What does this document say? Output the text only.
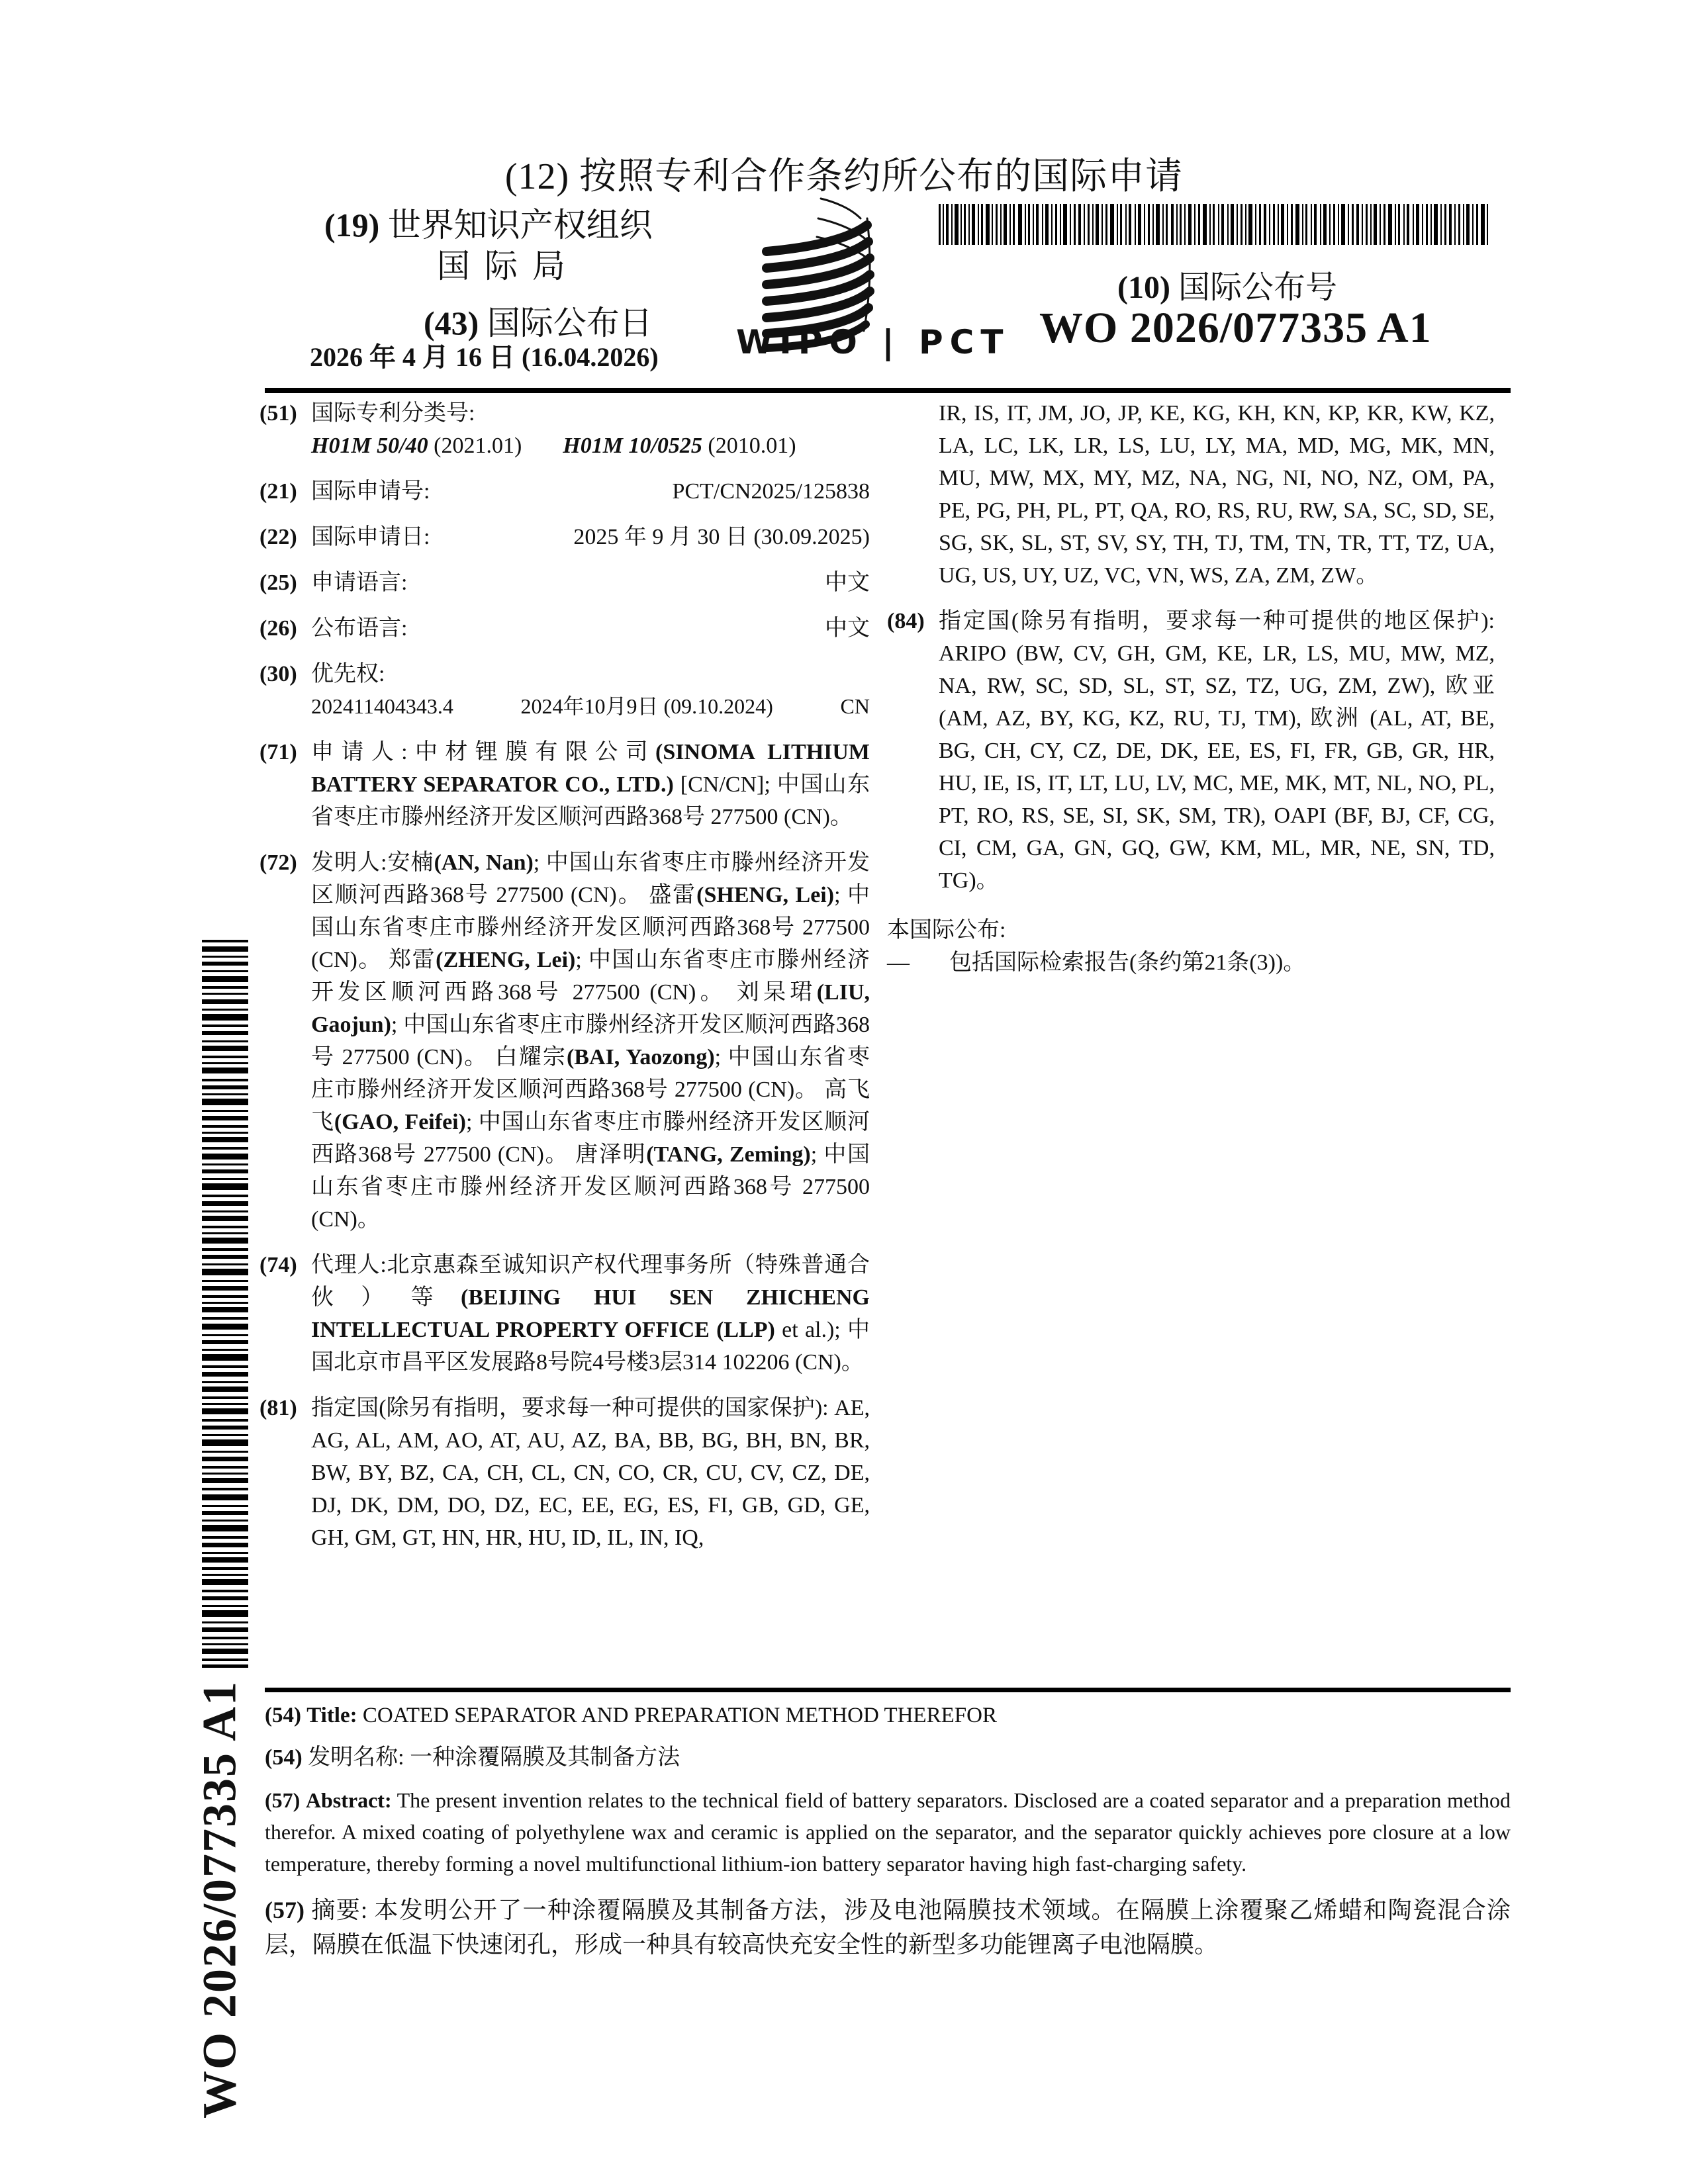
(12) 按照专利合作条约所公布的国际申请
(19) 世界知识产权组织
国际局
(43) 国际公布日
2026 年 4 月 16 日 (16.04.2026) WIPO | PCT
(10) 国际公布号
WO 2026/077335 A1
(51) 国际专利分类号:
H01M 50/40 (2021.01) H01M 10/0525 (2010.01)
(21) 国际申请号:	PCT/CN2025/125838
(22) 国际申请日:	2025 年 9 月 30 日 (30.09.2025)
(25) 申请语言:	中文
(26) 公布语言:	中文
(30) 优先权:
202411404343.4	2024年10月9日 (09.10.2024)	CN
(71) 申请人:中材锂膜有限公司(SINOMA LITHIUM BATTERY SEPARATOR CO., LTD.) [CN/CN]; 中国山东省枣庄市滕州经济开发区顺河西路368号 277500 (CN)。
(72) 发明人:安楠(AN, Nan); 中国山东省枣庄市滕州经济开发区顺河西路368号 277500 (CN)。 盛雷(SHENG, Lei); 中国山东省枣庄市滕州经济开发区顺河西路368号 277500 (CN)。 郑雷(ZHENG, Lei); 中国山东省枣庄市滕州经济开发区顺河西路368号 277500 (CN)。 刘杲珺(LIU, Gaojun); 中国山东省枣庄市滕州经济开发区顺河西路368号 277500 (CN)。 白耀宗(BAI, Yaozong); 中国山东省枣庄市滕州经济开发区顺河西路368号 277500 (CN)。 高飞飞(GAO, Feifei); 中国山东省枣庄市滕州经济开发区顺河西路368号 277500 (CN)。 唐泽明(TANG, Zeming); 中国山东省枣庄市滕州经济开发区顺河西路368号 277500 (CN)。
(74) 代理人:北京惠森至诚知识产权代理事务所（特殊普通合伙）等(BEIJING HUI SEN ZHICHENG INTELLECTUAL PROPERTY OFFICE (LLP) et al.); 中国北京市昌平区发展路8号院4号楼3层314 102206 (CN)。
(81) 指定国(除另有指明，要求每一种可提供的国家保护): AE, AG, AL, AM, AO, AT, AU, AZ, BA, BB, BG, BH, BN, BR, BW, BY, BZ, CA, CH, CL, CN, CO, CR, CU, CV, CZ, DE, DJ, DK, DM, DO, DZ, EC, EE, EG, ES, FI, GB, GD, GE, GH, GM, GT, HN, HR, HU, ID, IL, IN, IQ,
IR, IS, IT, JM, JO, JP, KE, KG, KH, KN, KP, KR, KW, KZ, LA, LC, LK, LR, LS, LU, LY, MA, MD, MG, MK, MN, MU, MW, MX, MY, MZ, NA, NG, NI, NO, NZ, OM, PA, PE, PG, PH, PL, PT, QA, RO, RS, RU, RW, SA, SC, SD, SE, SG, SK, SL, ST, SV, SY, TH, TJ, TM, TN, TR, TT, TZ, UA, UG, US, UY, UZ, VC, VN, WS, ZA, ZM, ZW。
(84) 指定国(除另有指明，要求每一种可提供的地区保护): ARIPO (BW, CV, GH, GM, KE, LR, LS, MU, MW, MZ, NA, RW, SC, SD, SL, ST, SZ, TZ, UG, ZM, ZW), 欧亚 (AM, AZ, BY, KG, KZ, RU, TJ, TM), 欧洲 (AL, AT, BE, BG, CH, CY, CZ, DE, DK, EE, ES, FI, FR, GB, GR, HR, HU, IE, IS, IT, LT, LU, LV, MC, ME, MK, MT, NL, NO, PL, PT, RO, RS, SE, SI, SK, SM, TR), OAPI (BF, BJ, CF, CG, CI, CM, GA, GN, GQ, GW, KM, ML, MR, NE, SN, TD, TG)。
本国际公布:
— 包括国际检索报告(条约第21条(3))。
WO 2026/077335 A1 (54) Title: COATED SEPARATOR AND PREPARATION METHOD THEREFOR

(54) 发明名称: 一种涂覆隔膜及其制备方法

(57) Abstract: The present invention relates to the technical field of battery separators. Disclosed are a coated separator and a preparation method therefor. A mixed coating of polyethylene wax and ceramic is applied on the separator, and the separator quickly achieves pore closure at a low temperature, thereby forming a novel multifunctional lithium-ion battery separator having high fast-charging safety.

(57) 摘要: 本发明公开了一种涂覆隔膜及其制备方法，涉及电池隔膜技术领域。在隔膜上涂覆聚乙烯蜡和陶瓷混合涂层，隔膜在低温下快速闭孔，形成一种具有较高快充安全性的新型多功能锂离子电池隔膜。
